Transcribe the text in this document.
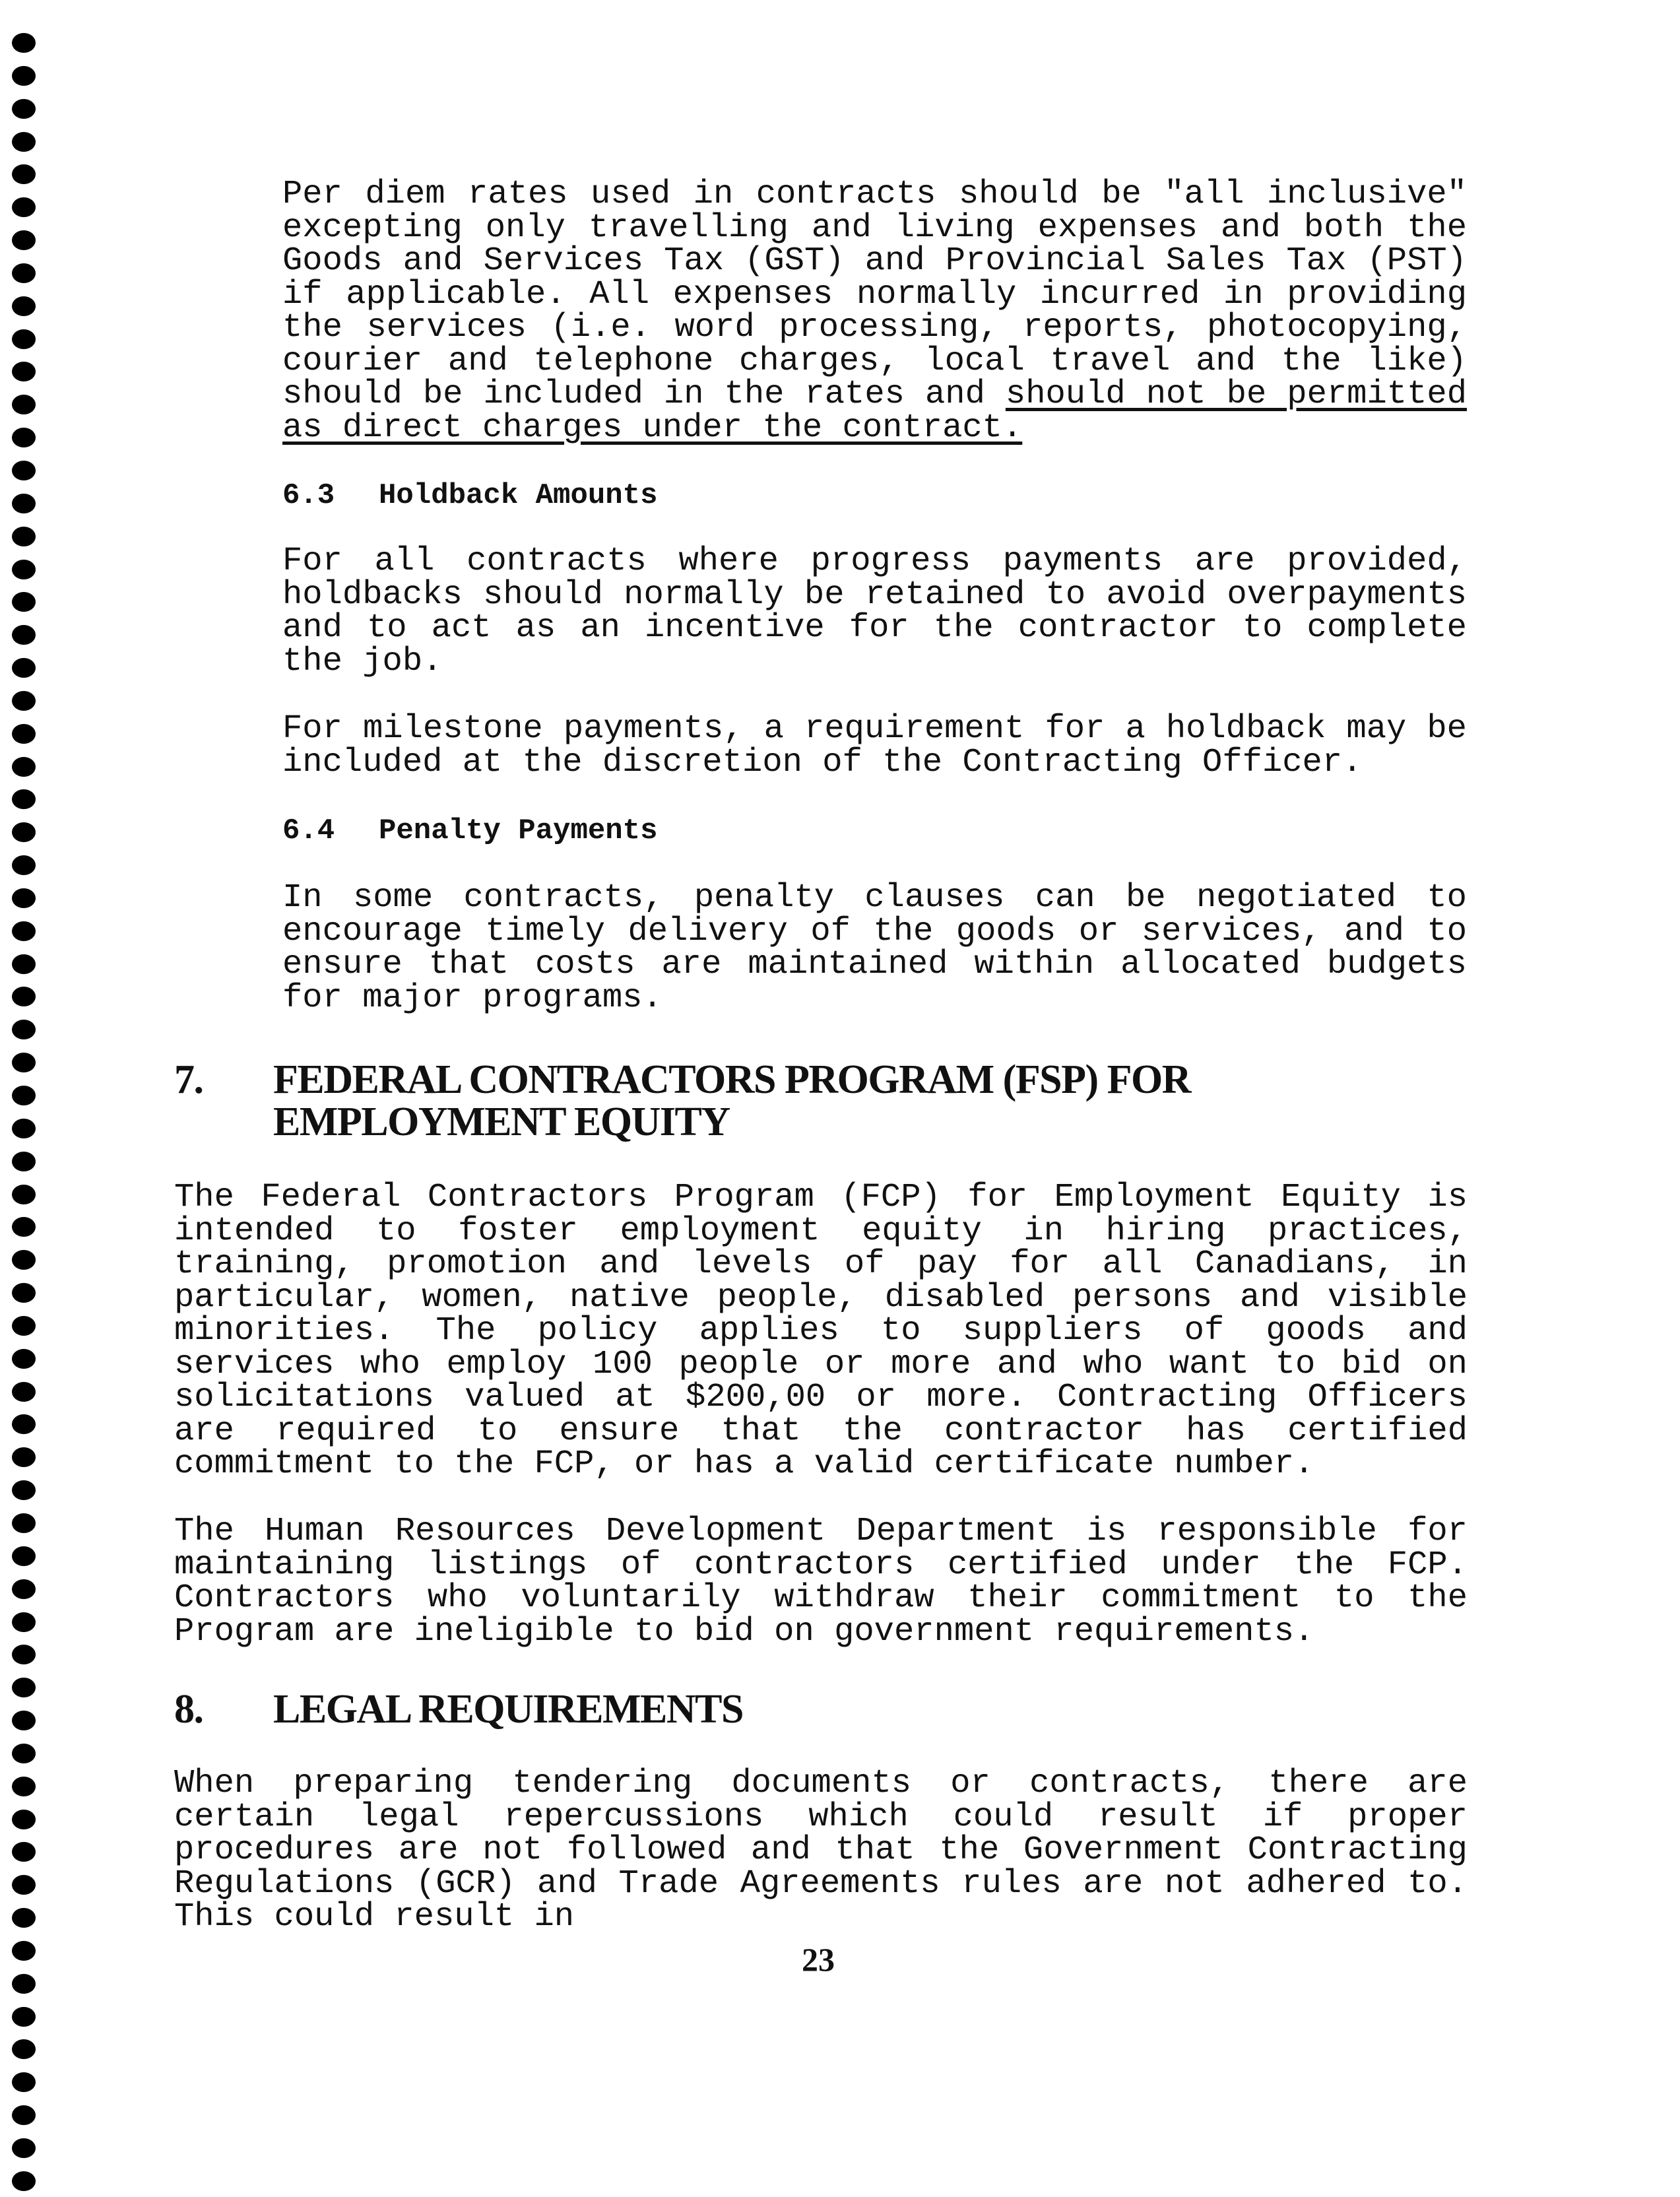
Per diem rates used in contracts should be "all inclusive" excepting only travelling and living expenses and both the Goods and Services Tax (GST) and Provincial Sales Tax (PST) if applicable. All expenses normally incurred in providing the services (i.e. word processing, reports, photocopying, courier and telephone charges, local travel and the like) should be included in the rates and should not be permitted as direct charges under the contract.

6.3 Holdback Amounts

For all contracts where progress payments are provided, holdbacks should normally be retained to avoid overpayments and to act as an incentive for the contractor to complete the job.

For milestone payments, a requirement for a holdback may be included at the discretion of the Contracting Officer.

6.4 Penalty Payments

In some contracts, penalty clauses can be negotiated to encourage timely delivery of the goods or services, and to ensure that costs are maintained within allocated budgets for major programs.

7. FEDERAL CONTRACTORS PROGRAM (FSP) FOR EMPLOYMENT EQUITY

The Federal Contractors Program (FCP) for Employment Equity is intended to foster employment equity in hiring practices, training, promotion and levels of pay for all Canadians, in particular, women, native people, disabled persons and visible minorities. The policy applies to suppliers of goods and services who employ 100 people or more and who want to bid on solicitations valued at $200,00 or more. Contracting Officers are required to ensure that the contractor has certified commitment to the FCP, or has a valid certificate number.

The Human Resources Development Department is responsible for maintaining listings of contractors certified under the FCP. Contractors who voluntarily withdraw their commitment to the Program are ineligible to bid on government requirements.

8. LEGAL REQUIREMENTS

When preparing tendering documents or contracts, there are certain legal repercussions which could result if proper procedures are not followed and that the Government Contracting Regulations (GCR) and Trade Agreements rules are not adhered to. This could result in

23
